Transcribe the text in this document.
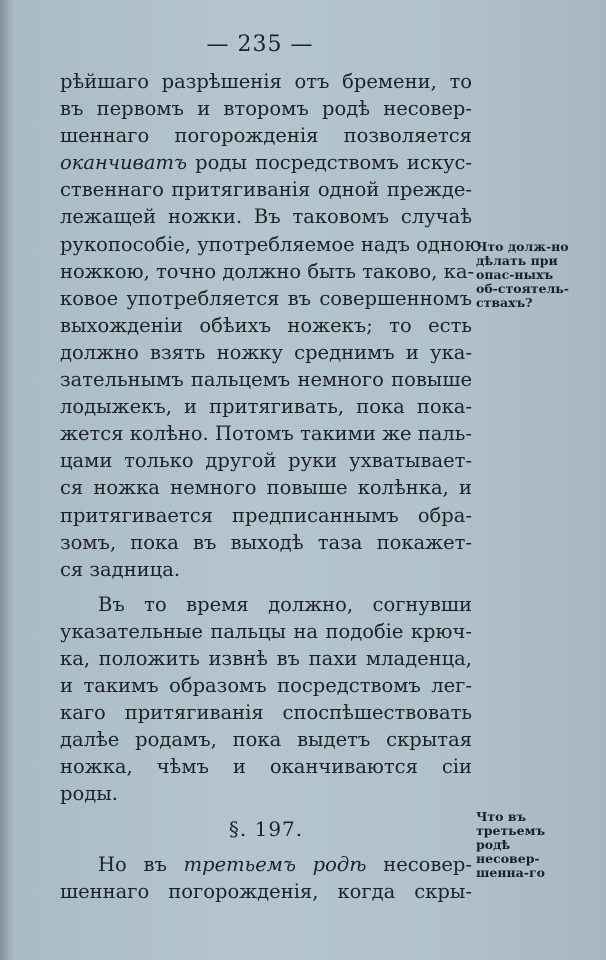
— 235 —
рѣйшаго разрѣшенія отъ бремени, то
въ первомъ и второмъ родѣ несовер-
шеннаго погорожденія позволяется
оканчиватъ роды посредствомъ искус-
ственнаго притягиванія одной прежде-
лежащей ножки. Въ таковомъ случаѣ
рукопособіе, употребляемое надъ одною
ножкою, точно должно быть таково, ка-
ковое употребляется въ совершенномъ
выхожденіи обѣихъ ножекъ; то есть
должно взять ножку среднимъ и ука-
зательнымъ пальцемъ немного повыше
лодыжекъ, и притягивать, пока пока-
жется колѣно. Потомъ такими же паль-
цами только другой руки ухватывает-
ся ножка немного повыше колѣнка, и
притягивается предписаннымъ обра-
зомъ, пока въ выходѣ таза покажет-
ся задница.
Въ то время должно, согнувши
указательные пальцы на подобіе крюч-
ка, положить извнѣ въ пахи младенца,
и такимъ образомъ посредствомъ лег-
каго притягиванія споспѣшествовать
далѣе родамъ, пока выдетъ скрытая
ножка, чѣмъ и оканчиваются сіи
роды.
§. 197.
Но въ третьемъ родѣ несовер-
шеннаго погорожденія, когда скры-
Что долж-но дѣлать при опас-ныхъ об-стоятель-ствахъ?
Что въ третьемъ родѣ несовер-шенна-го
